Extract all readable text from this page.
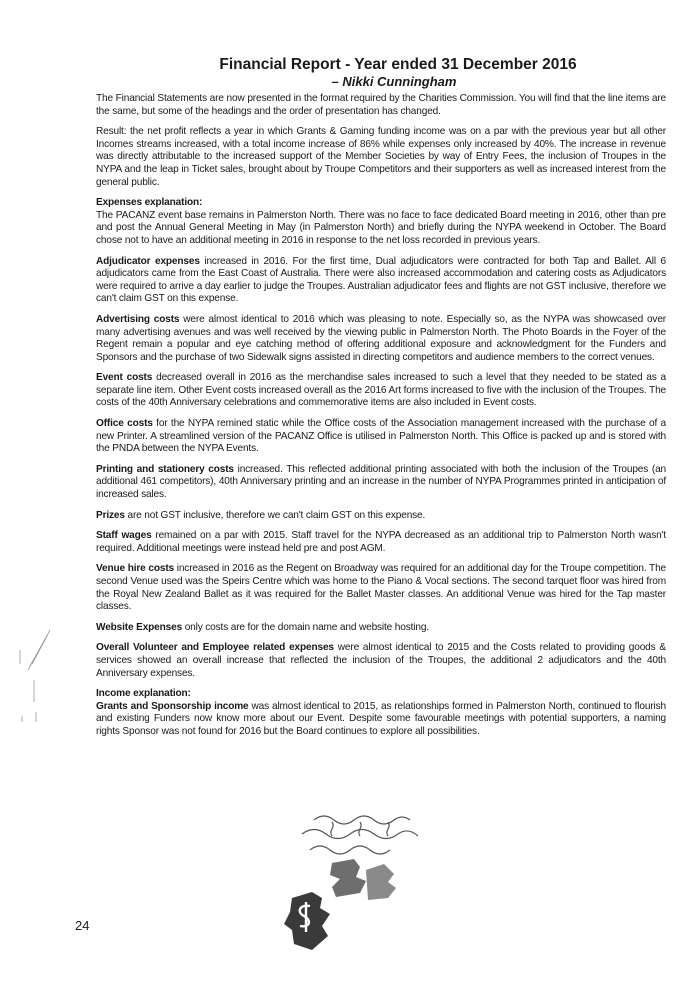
Financial Report - Year ended 31 December 2016
– Nikki Cunningham

The Financial Statements are now presented in the format required by the Charities Commission. You will find that the line items are the same, but some of the headings and the order of presentation has changed.

Result: the net profit reflects a year in which Grants & Gaming funding income was on a par with the previous year but all other Incomes streams increased, with a total income increase of 86% while expenses only increased by 40%. The increase in revenue was directly attributable to the increased support of the Member Societies by way of Entry Fees, the inclusion of Troupes in the NYPA and the leap in Ticket sales, brought about by Troupe Competitors and their supporters as well as increased interest from the general public.

Expenses explanation:

The PACANZ event base remains in Palmerston North. There was no face to face dedicated Board meeting in 2016, other than pre and post the Annual General Meeting in May (in Palmerston North) and briefly during the NYPA weekend in October. The Board chose not to have an additional meeting in 2016 in response to the net loss recorded in previous years.

Adjudicator expenses increased in 2016. For the first time, Dual adjudicators were contracted for both Tap and Ballet. All 6 adjudicators came from the East Coast of Australia. There were also increased accommodation and catering costs as Adjudicators were required to arrive a day earlier to judge the Troupes. Australian adjudicator fees and flights are not GST inclusive, therefore we can't claim GST on this expense.

Advertising costs were almost identical to 2016 which was pleasing to note. Especially so, as the NYPA was showcased over many advertising avenues and was well received by the viewing public in Palmerston North. The Photo Boards in the Foyer of the Regent remain a popular and eye catching method of offering additional exposure and acknowledgment for the Funders and Sponsors and the purchase of two Sidewalk signs assisted in directing competitors and audience members to the correct venues.

Event costs decreased overall in 2016 as the merchandise sales increased to such a level that they needed to be stated as a separate line item. Other Event costs increased overall as the 2016 Art forms increased to five with the inclusion of the Troupes. The costs of the 40th Anniversary celebrations and commemorative items are also included in Event costs.

Office costs for the NYPA remined static while the Office costs of the Association management increased with the purchase of a new Printer. A streamlined version of the PACANZ Office is utilised in Palmerston North. This Office is packed up and is stored with the PNDA between the NYPA Events.

Printing and stationery costs increased. This reflected additional printing associated with both the inclusion of the Troupes (an additional 461 competitors), 40th Anniversary printing and an increase in the number of NYPA Programmes printed in anticipation of increased sales.

Prizes are not GST inclusive, therefore we can't claim GST on this expense.

Staff wages remained on a par with 2015. Staff travel for the NYPA decreased as an additional trip to Palmerston North wasn't required. Additional meetings were instead held pre and post AGM.

Venue hire costs increased in 2016 as the Regent on Broadway was required for an additional day for the Troupe competition. The second Venue used was the Speirs Centre which was home to the Piano & Vocal sections. The second tarquet floor was hired from the Royal New Zealand Ballet as it was required for the Ballet Master classes. An additional Venue was hired for the Tap master classes.

Website Expenses only costs are for the domain name and website hosting.

Overall Volunteer and Employee related expenses were almost identical to 2015 and the Costs related to providing goods & services showed an overall increase that reflected the inclusion of the Troupes, the additional 2 adjudicators and the 40th Anniversary expenses.

Income explanation:

Grants and Sponsorship income was almost identical to 2015, as relationships formed in Palmerston North, continued to flourish and existing Funders now know more about our Event. Despite some favourable meetings with potential supporters, a naming rights Sponsor was not found for 2016 but the Board continues to explore all possibilities.

24
